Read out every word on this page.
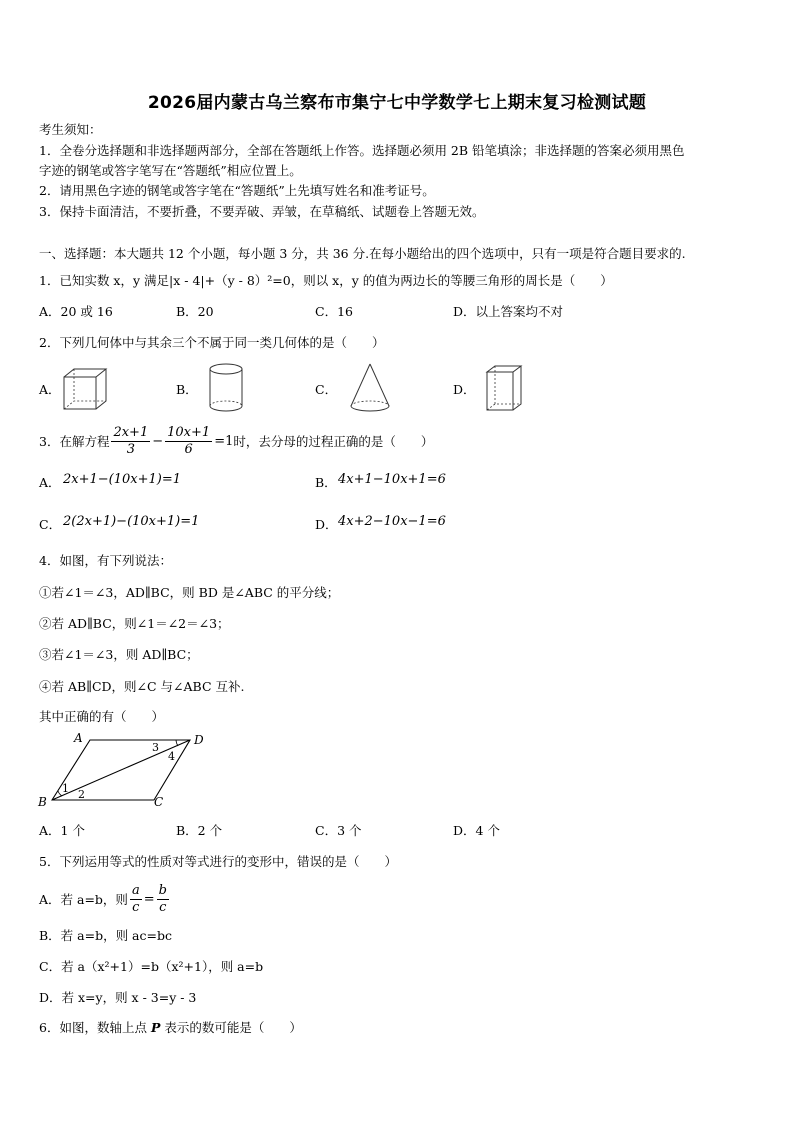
2026届内蒙古乌兰察布市集宁七中学数学七上期末复习检测试题
考生须知：
1．全卷分选择题和非选择题两部分，全部在答题纸上作答。选择题必须用 2B 铅笔填涂；非选择题的答案必须用黑色
字迹的钢笔或答字笔写在“答题纸”相应位置上。
2．请用黑色字迹的钢笔或答字笔在“答题纸”上先填写姓名和准考证号。
3．保持卡面清洁，不要折叠，不要弄破、弄皱，在草稿纸、试题卷上答题无效。
一、选择题：本大题共 12 个小题，每小题 3 分，共 36 分.在每小题给出的四个选项中，只有一项是符合题目要求的.
1．已知实数 x，y 满足|x - 4|+（y - 8）²=0，则以 x，y 的值为两边长的等腰三角形的周长是（　　）
A．20 或 16	B．20	C．16	D．以上答案均不对
2．下列几何体中与其余三个不属于同一类几何体的是（　　）
A．	B．	C．	D．
3．在解方程 $\frac{2x+1}{3} - \frac{10x+1}{6} =1$ 时，去分母的过程正确的是（　　）
A． 2x+1−(10x+1)=1	B． 4x+1−10x+1=6
C． 2(2x+1)−(10x+1)=1	D． 4x+2−10x−1=6
4．如图，有下列说法：
①若∠1＝∠3，AD∥BC，则 BD 是∠ABC 的平分线；
②若 AD∥BC，则∠1＝∠2＝∠3；
③若∠1＝∠3，则 AD∥BC；
④若 AB∥CD，则∠C 与∠ABC 互补.
其中正确的有（　　）
A
B	C
D
1 2
3
4
A．1 个	B．2 个	C．3 个	D．4 个
5．下列运用等式的性质对等式进行的变形中，错误的是（　　）
A．若 a=b，则 $\frac{a}{c} = \frac{b}{c}$
B．若 a=b，则 ac=bc
C．若 a（x²+1）=b（x²+1），则 a=b
D．若 x=y，则 x - 3=y - 3
6．如图，数轴上点 P 表示的数可能是（　　）
